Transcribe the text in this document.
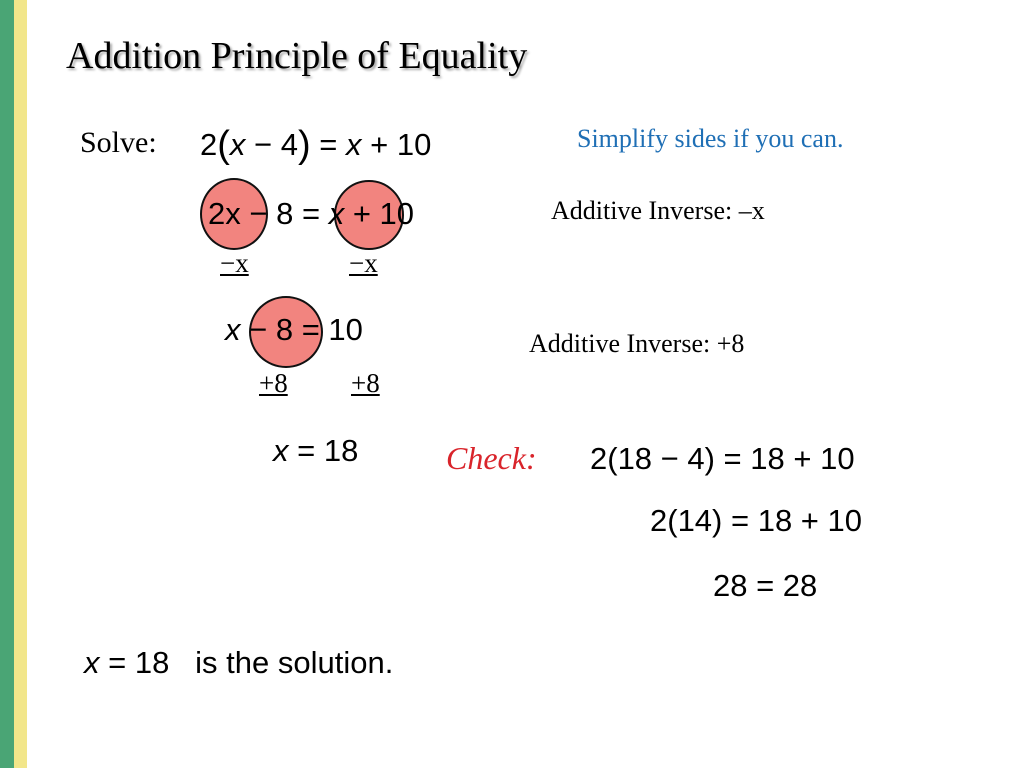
Addition Principle of Equality
Solve: 2(x − 4) = x + 10	Simplify sides if you can.
2x − 8 = x + 10
−x	−x
Additive Inverse: –x
x − 8 = 10
+8 +8
Additive Inverse: +8
x = 18	Check: 2(18 − 4) = 18 + 10
2(14) = 18 + 10
28 = 28
x = 18 is the solution.
